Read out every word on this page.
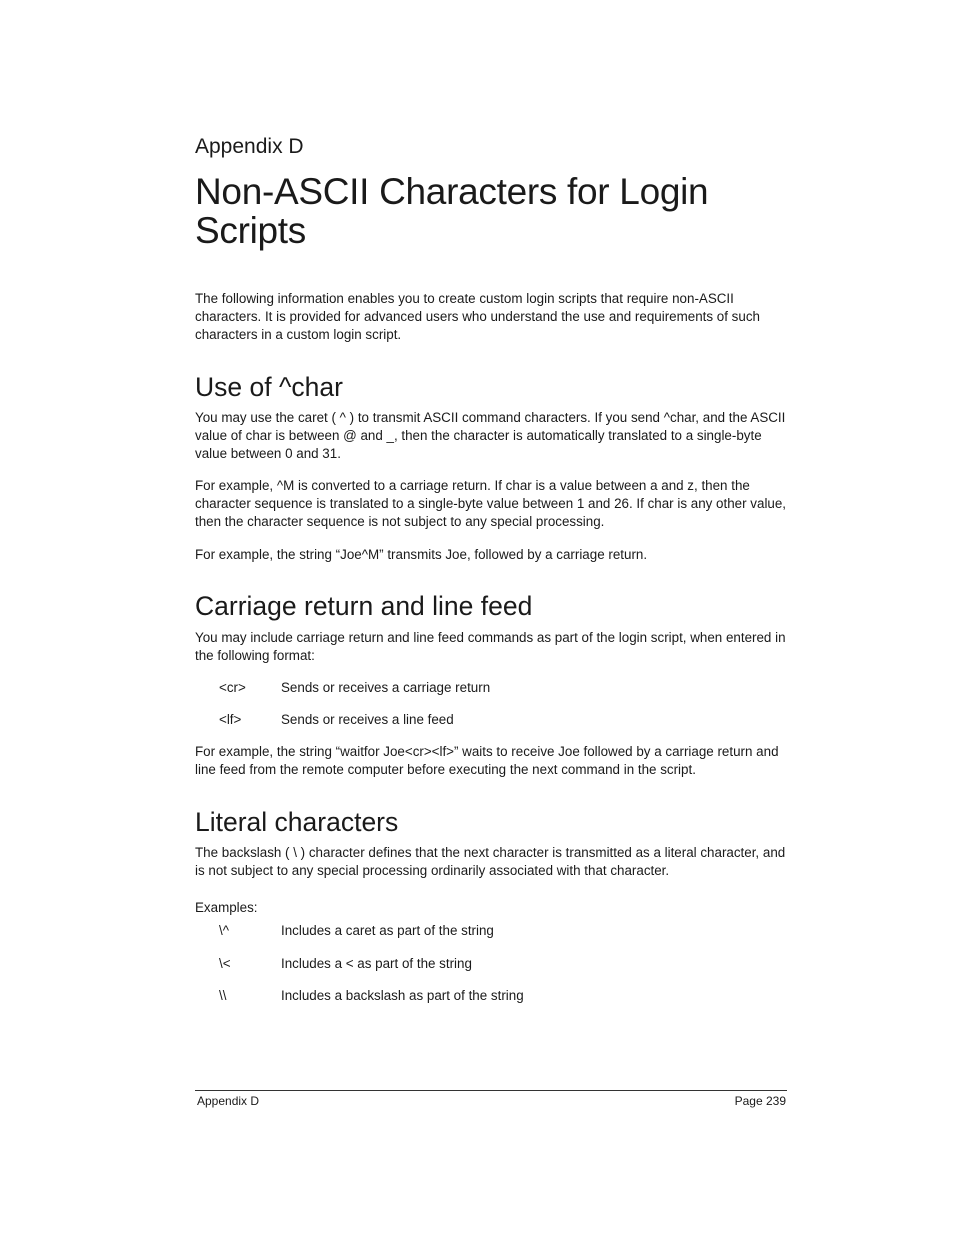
Appendix D
Non-ASCII Characters for Login Scripts

The following information enables you to create custom login scripts that require non-ASCII characters. It is provided for advanced users who understand the use and requirements of such characters in a custom login script.

Use of ^char

You may use the caret ( ^ ) to transmit ASCII command characters. If you send ^char, and the ASCII value of char is between @ and _, then the character is automatically translated to a single-byte value between 0 and 31.

For example, ^M is converted to a carriage return. If char is a value between a and z, then the character sequence is translated to a single-byte value between 1 and 26. If char is any other value, then the character sequence is not subject to any special processing.

For example, the string “Joe^M” transmits Joe, followed by a carriage return.

Carriage return and line feed

You may include carriage return and line feed commands as part of the login script, when entered in the following format:

<cr>	Sends or receives a carriage return
<lf>	Sends or receives a line feed

For example, the string “waitfor Joe<cr><lf>” waits to receive Joe followed by a carriage return and line feed from the remote computer before executing the next command in the script.

Literal characters

The backslash ( \ ) character defines that the next character is transmitted as a literal character, and is not subject to any special processing ordinarily associated with that character.

Examples:
\^	Includes a caret as part of the string
\<	Includes a < as part of the string
\\	Includes a backslash as part of the string
Appendix D	Page 239
